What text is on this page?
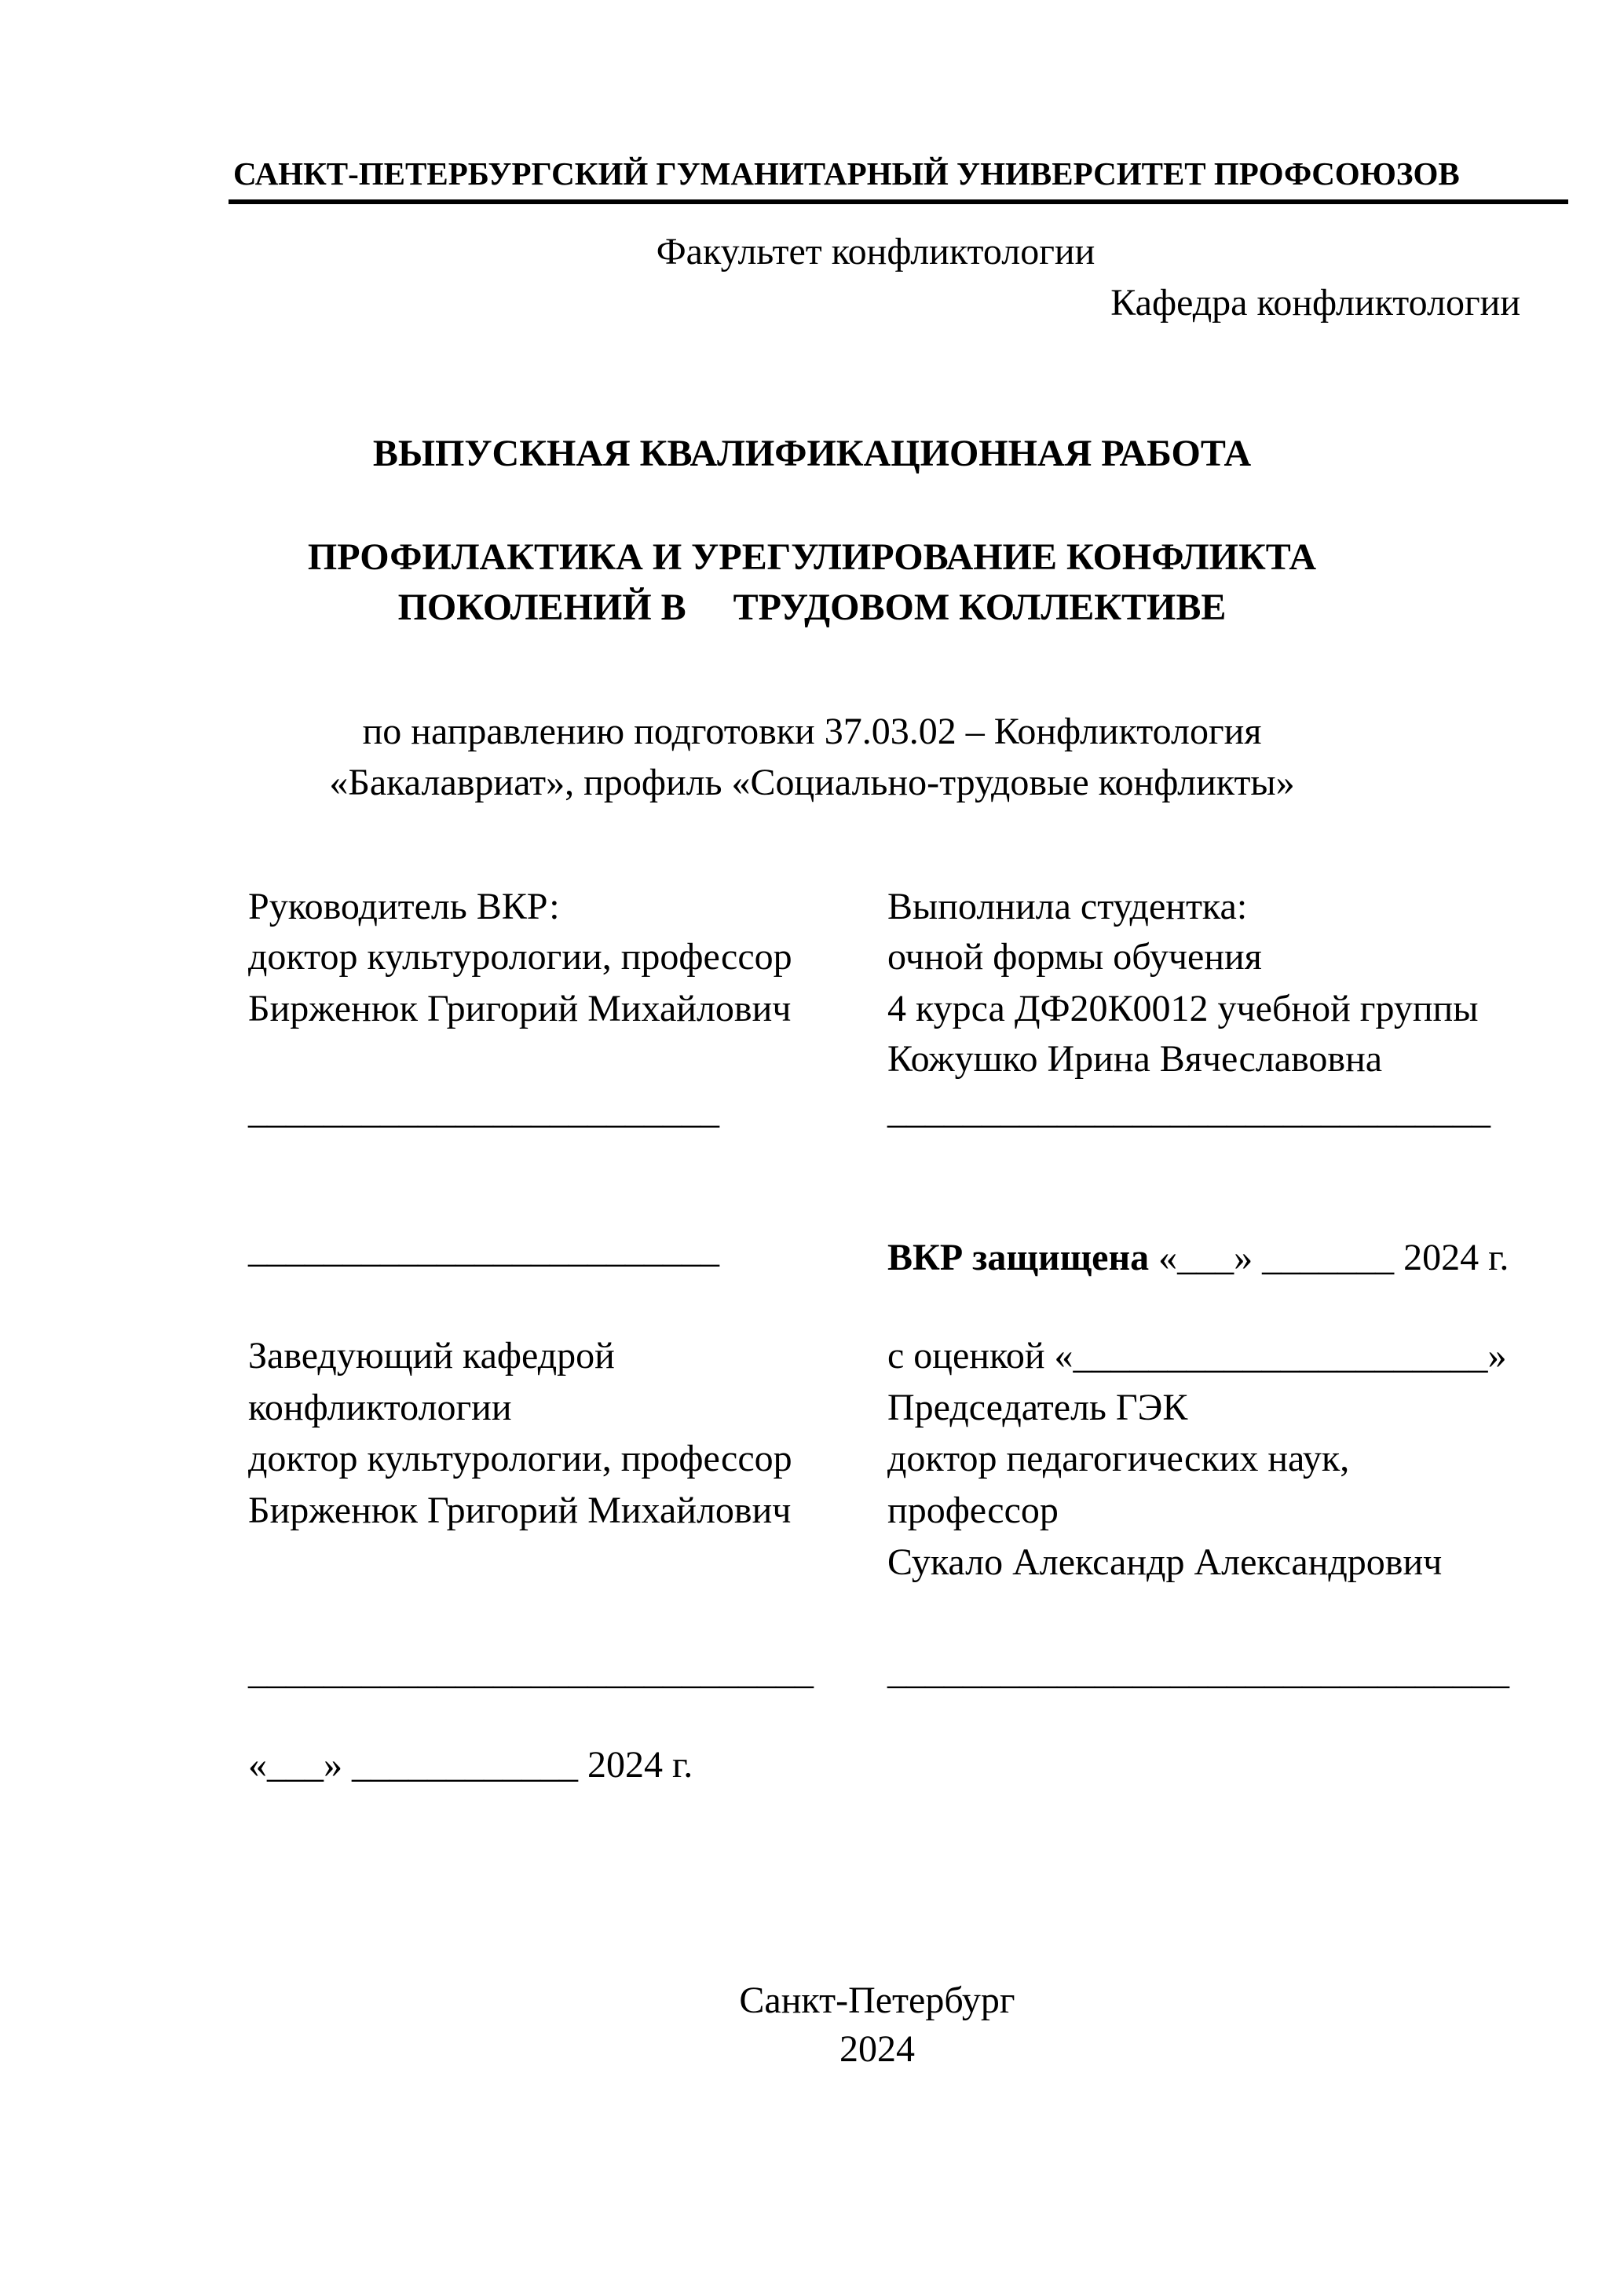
САНКТ-ПЕТЕРБУРГСКИЙ ГУМАНИТАРНЫЙ УНИВЕРСИТЕТ ПРОФСОЮЗОВ
Факультет конфликтологии
Кафедра конфликтологии
ВЫПУСКНАЯ КВАЛИФИКАЦИОННАЯ РАБОТА
ПРОФИЛАКТИКА И УРЕГУЛИРОВАНИЕ КОНФЛИКТА
ПОКОЛЕНИЙ В     ТРУДОВОМ КОЛЛЕКТИВЕ
по направлению подготовки 37.03.02 – Конфликтология
«Бакалавриат», профиль «Социально-трудовые конфликты»
Руководитель ВКР:
доктор культурологии, профессор
Бирженюк Григорий Михайлович
_________________________
_________________________
Выполнила студентка:
очной формы обучения
4 курса ДФ20К0012 учебной группы
Кожушко Ирина Вячеславовна
________________________________
ВКР защищена «___» _______ 2024 г.
с оценкой «______________________»
Председатель ГЭК
доктор педагогических наук,
профессор
Сукало Александр Александрович
_________________________________
Заведующий кафедрой
конфликтологии
доктор культурологии, профессор
Бирженюк Григорий Михайлович
______________________________
«___» ____________ 2024 г.
Санкт-Петербург
2024
